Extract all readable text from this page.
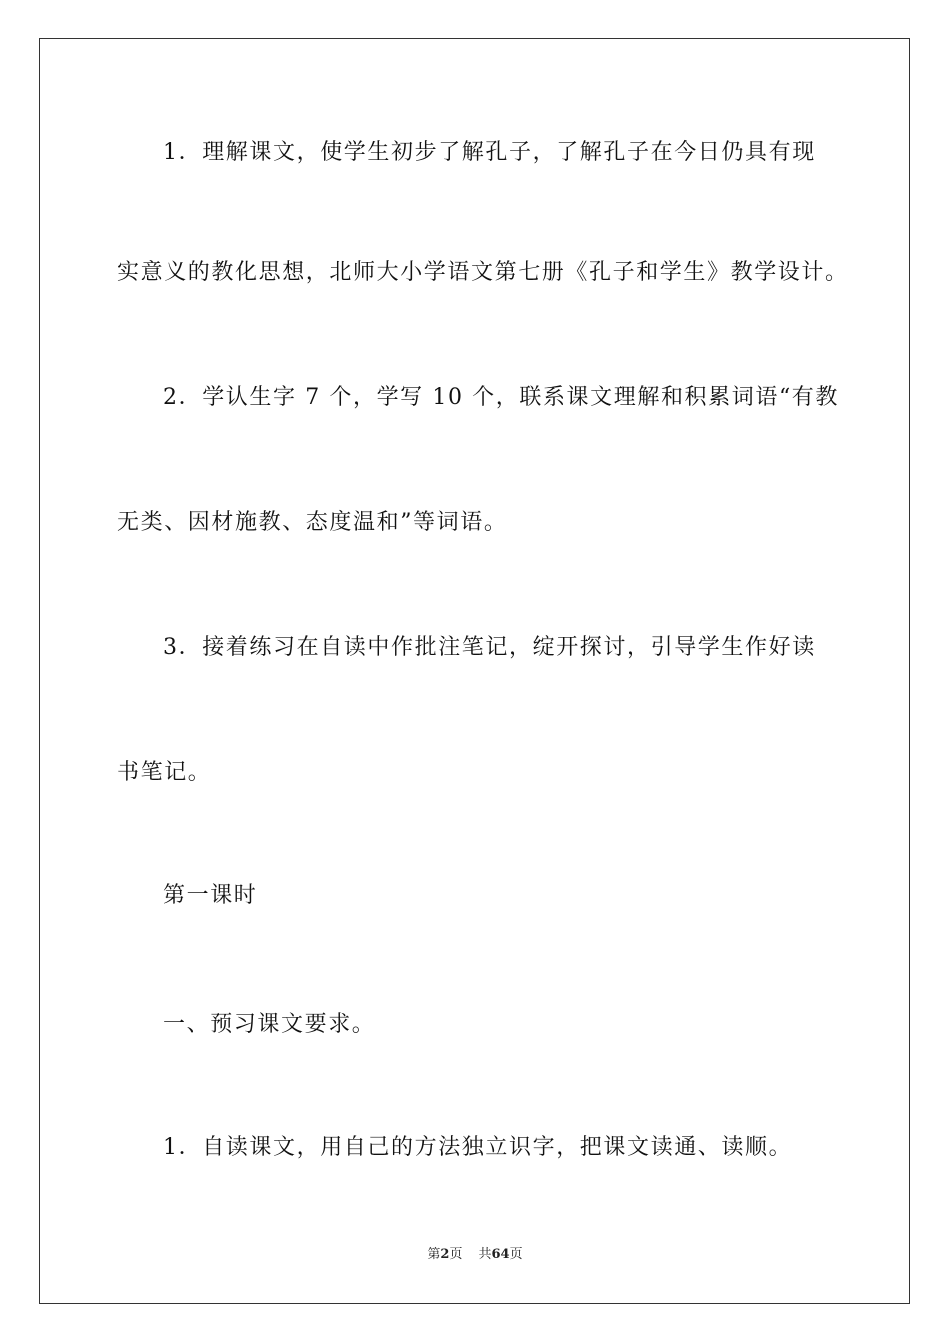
1．理解课文，使学生初步了解孔子，了解孔子在今日仍具有现
实意义的教化思想，北师大小学语文第七册《孔子和学生》教学设计。
2．学认生字 7 个，学写 10 个，联系课文理解和积累词语“有教
无类、因材施教、态度温和”等词语。
3．接着练习在自读中作批注笔记，绽开探讨，引导学生作好读
书笔记。
第一课时
一、预习课文要求。
1．自读课文，用自己的方法独立识字，把课文读通、读顺。
第2页 共64页
